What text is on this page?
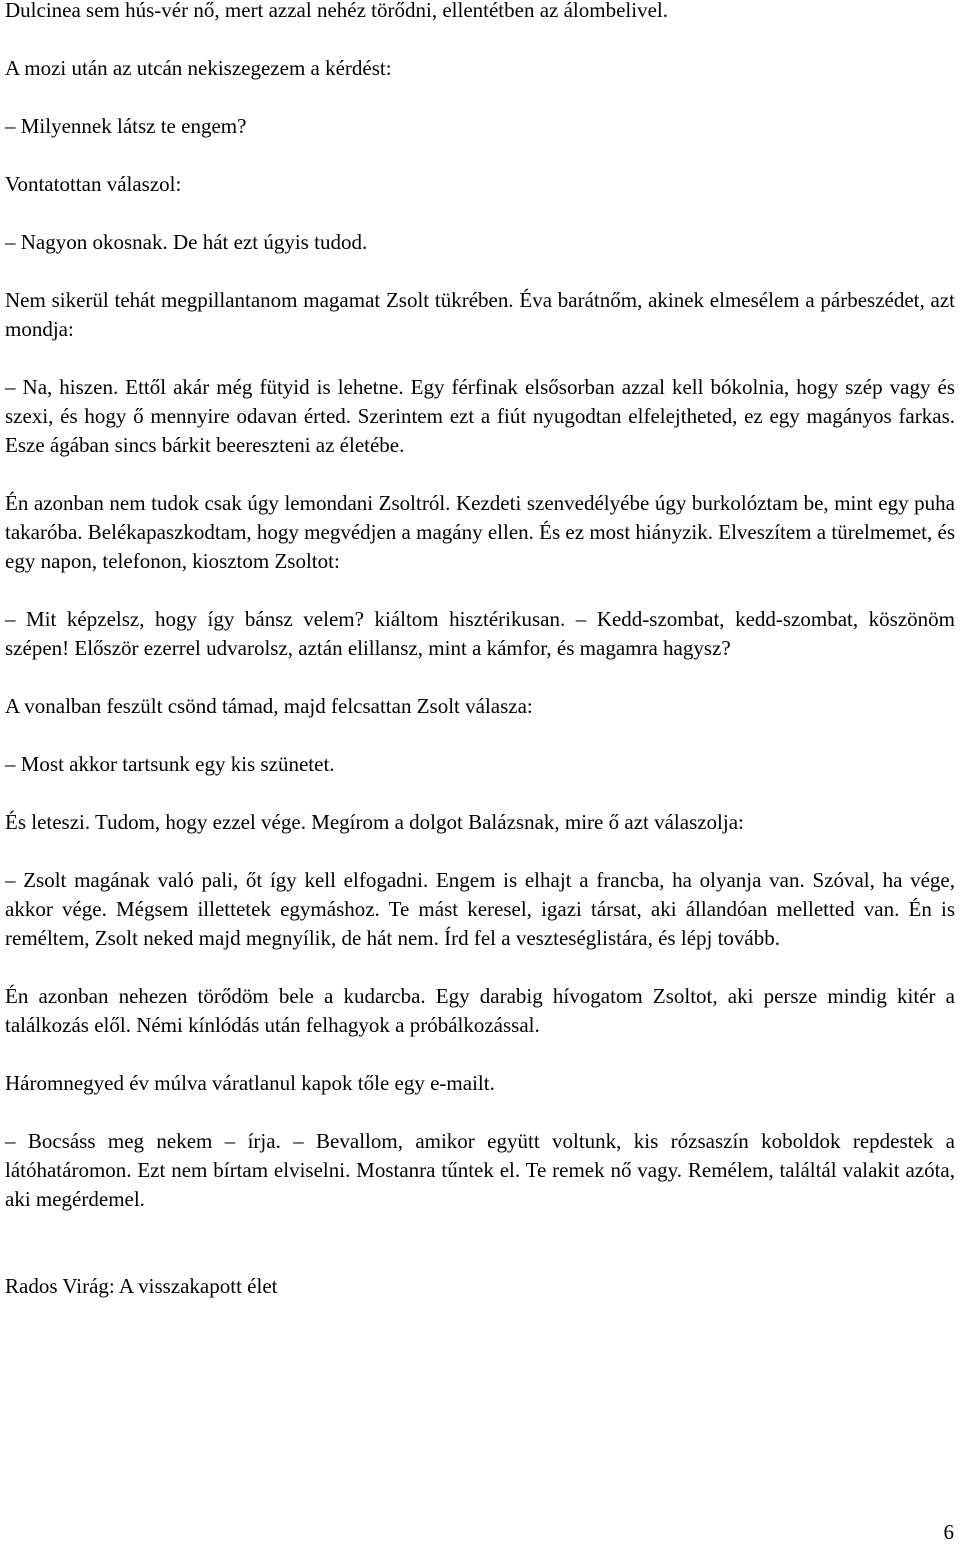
Dulcinea sem hús-vér nő, mert azzal nehéz törődni, ellentétben az álombelivel.

A mozi után az utcán nekiszegezem a kérdést:

– Milyennek látsz te engem?

Vontatottan válaszol:

– Nagyon okosnak. De hát ezt úgyis tudod.

Nem sikerül tehát megpillantanom magamat Zsolt tükrében. Éva barátnőm, akinek elmesélem a párbeszédet, azt mondja:

– Na, hiszen. Ettől akár még fütyid is lehetne. Egy férfinak elsősorban azzal kell bókolnia, hogy szép vagy és szexi, és hogy ő mennyire odavan érted. Szerintem ezt a fiút nyugodtan elfelejtheted, ez egy magányos farkas. Esze ágában sincs bárkit beereszteni az életébe.

Én azonban nem tudok csak úgy lemondani Zsoltról. Kezdeti szenvedélyébe úgy burkolóztam be, mint egy puha takaróba. Belékapaszkodtam, hogy megvédjen a magány ellen. És ez most hiányzik. Elveszítem a türelmemet, és egy napon, telefonon, kiosztom Zsoltot:

– Mit képzelsz, hogy így bánsz velem? kiáltom hisztérikusan. – Kedd-szombat, kedd-szombat, köszönöm szépen! Először ezerrel udvarolsz, aztán elillansz, mint a kámfor, és magamra hagysz?

A vonalban feszült csönd támad, majd felcsattan Zsolt válasza:

– Most akkor tartsunk egy kis szünetet.

És leteszi. Tudom, hogy ezzel vége. Megírom a dolgot Balázsnak, mire ő azt válaszolja:

– Zsolt magának való pali, őt így kell elfogadni. Engem is elhajt a francba, ha olyanja van. Szóval, ha vége, akkor vége. Mégsem illettetek egymáshoz. Te mást keresel, igazi társat, aki állandóan melletted van. Én is reméltem, Zsolt neked majd megnyílik, de hát nem. Írd fel a veszteséglistára, és lépj tovább.

Én azonban nehezen törődöm bele a kudarcba. Egy darabig hívogatom Zsoltot, aki persze mindig kitér a találkozás elől. Némi kínlódás után felhagyok a próbálkozással.

Háromnegyed év múlva váratlanul kapok tőle egy e-mailt.

– Bocsáss meg nekem – írja. – Bevallom, amikor együtt voltunk, kis rózsaszín koboldok repdestek a látóhatáromon. Ezt nem bírtam elviselni. Mostanra tűntek el. Te remek nő vagy. Remélem, találtál valakit azóta, aki megérdemel.

Rados Virág: A visszakapott élet

6
